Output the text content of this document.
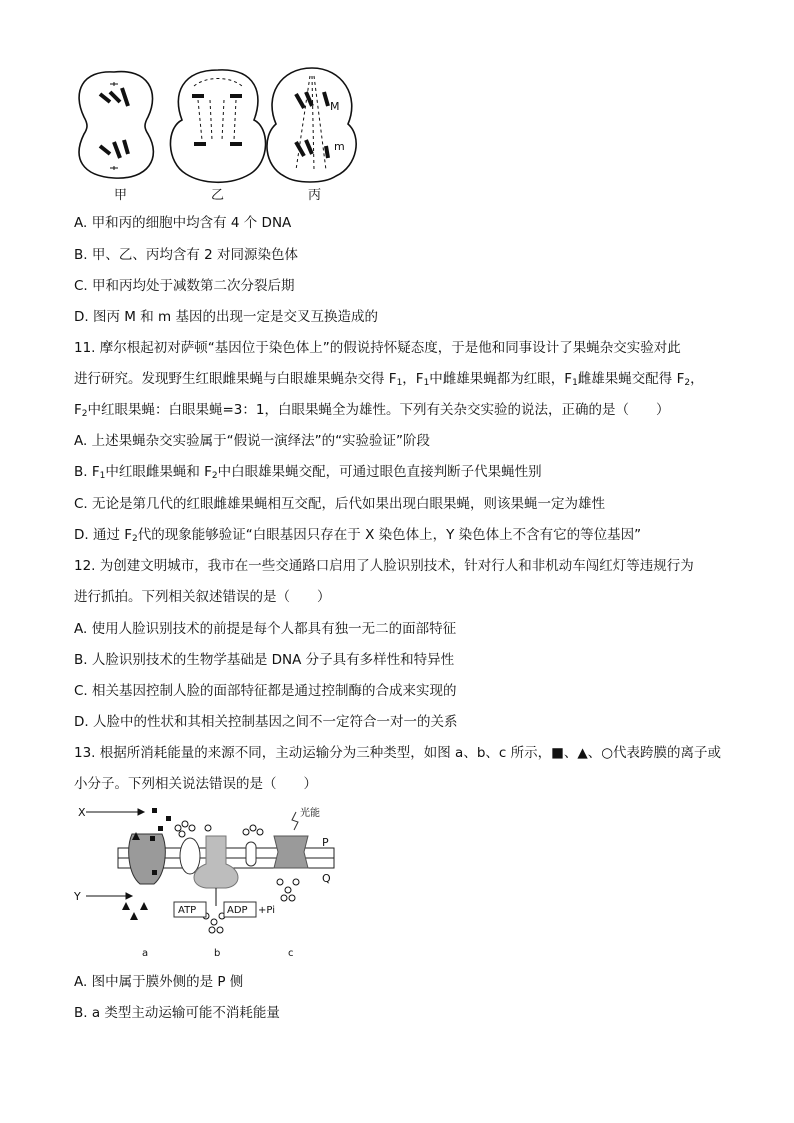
M
m
甲	乙	丙
A. 甲和丙的细胞中均含有 4 个 DNA
B. 甲、乙、丙均含有 2 对同源染色体
C. 甲和丙均处于减数第二次分裂后期
D. 图丙 M 和 m 基因的出现一定是交叉互换造成的
11. 摩尔根起初对萨顿“基因位于染色体上”的假说持怀疑态度，于是他和同事设计了果蝇杂交实验对此
进行研究。发现野生红眼雌果蝇与白眼雄果蝇杂交得 $F_1$，$F_1$中雌雄果蝇都为红眼，$F_1$雌雄果蝇交配得 $F_2$，
$F_2$中红眼果蝇：白眼果蝇=3：1，白眼果蝇全为雄性。下列有关杂交实验的说法，正确的是（　　）
A. 上述果蝇杂交实验属于“假说一演绎法”的“实验验证”阶段
B. $F_1$中红眼雌果蝇和 $F_2$中白眼雄果蝇交配，可通过眼色直接判断子代果蝇性别
C. 无论是第几代的红眼雌雄果蝇相互交配，后代如果出现白眼果蝇，则该果蝇一定为雄性
D. 通过 $F_2$代的现象能够验证“白眼基因只存在于 X 染色体上，Y 染色体上不含有它的等位基因”
12. 为创建文明城市，我市在一些交通路口启用了人脸识别技术，针对行人和非机动车闯红灯等违规行为
进行抓拍。下列相关叙述错误的是（　　）
A. 使用人脸识别技术的前提是每个人都具有独一无二的面部特征
B. 人脸识别技术的生物学基础是 DNA 分子具有多样性和特异性
C. 相关基因控制人脸的面部特征都是通过控制酶的合成来实现的
D. 人脸中的性状和其相关控制基因之间不一定符合一对一的关系
13. 根据所消耗能量的来源不同，主动运输分为三种类型，如图 a、b、c 所示，■、▲、○代表跨膜的离子或
小分子。下列相关说法错误的是（　　）
X
Y
光能
P
Q
ATP	ADP +Pi
a	b	c
A. 图中属于膜外侧的是 P 侧
B. a 类型主动运输可能不消耗能量
